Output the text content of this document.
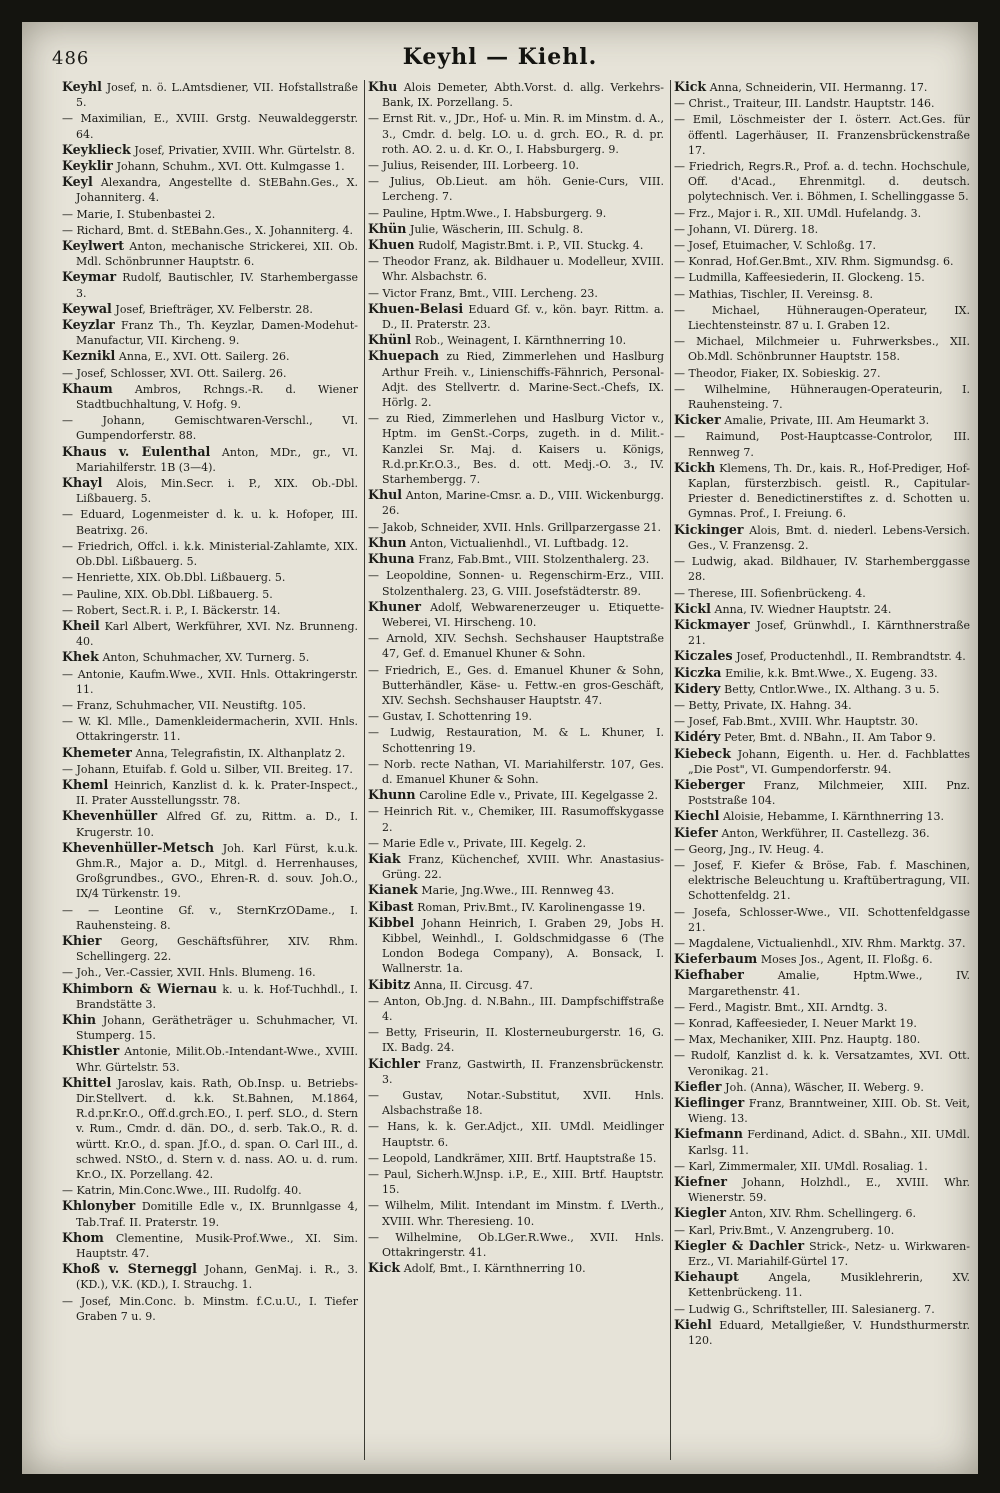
486	Keyhl — Kiehl.
Keyhl Josef, n. ö. L.Amtsdiener, VII. Hofstallstraße 5.
— Maximilian, E., XVIII. Grstg. Neuwaldeggerstr. 64.
Keyklieck Josef, Privatier, XVIII. Whr. Gürtelstr. 8.
Keyklir Johann, Schuhm., XVI. Ott. Kulmgasse 1.
Keyl Alexandra, Angestellte d. StEBahn.Ges., X. Johanniterg. 4.
— Marie, I. Stubenbastei 2.
— Richard, Bmt. d. StEBahn.Ges., X. Johanniterg. 4.
Keylwert Anton, mechanische Strickerei, XII. Ob. Mdl. Schönbrunner Hauptstr. 6.
Keymar Rudolf, Bautischler, IV. Starhembergasse 3.
Keywal Josef, Briefträger, XV. Felberstr. 28.
Keyzlar Franz Th., Th. Keyzlar, Damen-Modehut-Manufactur, VII. Kircheng. 9.
Keznikl Anna, E., XVI. Ott. Sailerg. 26.
— Josef, Schlosser, XVI. Ott. Sailerg. 26.
Khaum Ambros, Rchngs.-R. d. Wiener Stadtbuchhaltung, V. Hofg. 9.
— Johann, Gemischtwaren-Verschl., VI. Gumpendorferstr. 88.
Khaus v. Eulenthal Anton, MDr., gr., VI. Mariahilferstr. 1B (3—4).
Khayl Alois, Min.Secr. i. P., XIX. Ob.-Dbl. Lißbauerg. 5.
— Eduard, Logenmeister d. k. u. k. Hofoper, III. Beatrixg. 26.
— Friedrich, Offcl. i. k.k. Ministerial-Zahlamte, XIX. Ob.Dbl. Lißbauerg. 5.
— Henriette, XIX. Ob.Dbl. Lißbauerg. 5.
— Pauline, XIX. Ob.Dbl. Lißbauerg. 5.
— Robert, Sect.R. i. P., I. Bäckerstr. 14.
Kheil Karl Albert, Werkführer, XVI. Nz. Brunneng. 40.
Khek Anton, Schuhmacher, XV. Turnerg. 5.
— Antonie, Kaufm.Wwe., XVII. Hnls. Ottakringerstr. 11.
— Franz, Schuhmacher, VII. Neustiftg. 105.
— W. Kl. Mlle., Damenkleidermacherin, XVII. Hnls. Ottakringerstr. 11.
Khemeter Anna, Telegrafistin, IX. Althanplatz 2.
— Johann, Etuifab. f. Gold u. Silber, VII. Breiteg. 17.
Kheml Heinrich, Kanzlist d. k. k. Prater-Inspect., II. Prater Ausstellungsstr. 78.
Khevenhüller Alfred Gf. zu, Rittm. a. D., I. Krugerstr. 10.
Khevenhüller-Metsch Joh. Karl Fürst, k.u.k. Ghm.R., Major a. D., Mitgl. d. Herrenhauses, Großgrundbes., GVO., Ehren-R. d. souv. Joh.O., IX/4 Türkenstr. 19.
— — Leontine Gf. v., SternKrzODame., I. Rauhensteing. 8.
Khier Georg, Geschäftsführer, XIV. Rhm. Schellingerg. 22.
— Joh., Ver.-Cassier, XVII. Hnls. Blumeng. 16.
Khimborn & Wiernau k. u. k. Hof-Tuchhdl., I. Brandstätte 3.
Khin Johann, Gerätheträger u. Schuhmacher, VI. Stumperg. 15.
Khistler Antonie, Milit.Ob.-Intendant-Wwe., XVIII. Whr. Gürtelstr. 53.
Khittel Jaroslav, kais. Rath, Ob.Insp. u. Betriebs-Dir.Stellvert. d. k.k. St.Bahnen, M.1864, R.d.pr.Kr.O., Off.d.grch.EO., I. perf. SLO., d. Stern v. Rum., Cmdr. d. dän. DO., d. serb. Tak.O., R. d. württ. Kr.O., d. span. Jf.O., d. span. O. Carl III., d. schwed. NStO., d. Stern v. d. nass. AO. u. d. rum. Kr.O., IX. Porzellang. 42.
— Katrin, Min.Conc.Wwe., III. Rudolfg. 40.
Khlonyber Domitille Edle v., IX. Brunnlgasse 4, Tab.Traf. II. Praterstr. 19.
Khom Clementine, Musik-Prof.Wwe., XI. Sim. Hauptstr. 47.
Khoß v. Sterneggl Johann, GenMaj. i. R., 3. (KD.), V.K. (KD.), I. Strauchg. 1.
— Josef, Min.Conc. b. Minstm. f.C.u.U., I. Tiefer Graben 7 u. 9.
Khu Alois Demeter, Abth.Vorst. d. allg. Verkehrs-Bank, IX. Porzellang. 5.
— Ernst Rit. v., JDr., Hof- u. Min. R. im Minstm. d. A., 3., Cmdr. d. belg. LO. u. d. grch. EO., R. d. pr. roth. AO. 2. u. d. Kr. O., I. Habsburgerg. 9.
— Julius, Reisender, III. Lorbeerg. 10.
— Julius, Ob.Lieut. am höh. Genie-Curs, VIII. Lercheng. 7.
— Pauline, Hptm.Wwe., I. Habsburgerg. 9.
Khün Julie, Wäscherin, III. Schulg. 8.
Khuen Rudolf, Magistr.Bmt. i. P., VII. Stuckg. 4.
— Theodor Franz, ak. Bildhauer u. Modelleur, XVIII. Whr. Alsbachstr. 6.
— Victor Franz, Bmt., VIII. Lercheng. 23.
Khuen-Belasi Eduard Gf. v., kön. bayr. Rittm. a. D., II. Praterstr. 23.
Khünl Rob., Weinagent, I. Kärnthnerring 10.
Khuepach zu Ried, Zimmerlehen und Haslburg Arthur Freih. v., Linienschiffs-Fähnrich, Personal-Adjt. des Stellvertr. d. Marine-Sect.-Chefs, IX. Hörlg. 2.
— zu Ried, Zimmerlehen und Haslburg Victor v., Hptm. im GenSt.-Corps, zugeth. in d. Milit.-Kanzlei Sr. Maj. d. Kaisers u. Königs, R.d.pr.Kr.O.3., Bes. d. ott. Medj.-O. 3., IV. Starhembergg. 7.
Khul Anton, Marine-Cmsr. a. D., VIII. Wickenburgg. 26.
— Jakob, Schneider, XVII. Hnls. Grillparzergasse 21.
Khun Anton, Victualienhdl., VI. Luftbadg. 12.
Khuna Franz, Fab.Bmt., VIII. Stolzenthalerg. 23.
— Leopoldine, Sonnen- u. Regenschirm-Erz., VIII. Stolzenthalerg. 23, G. VIII. Josefstädterstr. 89.
Khuner Adolf, Webwarenerzeuger u. Etiquette-Weberei, VI. Hirscheng. 10.
— Arnold, XIV. Sechsh. Sechshauser Hauptstraße 47, Gef. d. Emanuel Khuner & Sohn.
— Friedrich, E., Ges. d. Emanuel Khuner & Sohn, Butterhändler, Käse- u. Fettw.-en gros-Geschäft, XIV. Sechsh. Sechshauser Hauptstr. 47.
— Gustav, I. Schottenring 19.
— Ludwig, Restauration, M. & L. Khuner, I. Schottenring 19.
— Norb. recte Nathan, VI. Mariahilferstr. 107, Ges. d. Emanuel Khuner & Sohn.
Khunn Caroline Edle v., Private, III. Kegelgasse 2.
— Heinrich Rit. v., Chemiker, III. Rasumoffskygasse 2.
— Marie Edle v., Private, III. Kegelg. 2.
Kiak Franz, Küchenchef, XVIII. Whr. Anastasius-Grüng. 22.
Kianek Marie, Jng.Wwe., III. Rennweg 43.
Kibast Roman, Priv.Bmt., IV. Karolinengasse 19.
Kibbel Johann Heinrich, I. Graben 29, Jobs H. Kibbel, Weinhdl., I. Goldschmidgasse 6 (The London Bodega Company), A. Bonsack, I. Wallnerstr. 1a.
Kibitz Anna, II. Circusg. 47.
— Anton, Ob.Jng. d. N.Bahn., III. Dampfschiffstraße 4.
— Betty, Friseurin, II. Klosterneuburgerstr. 16, G. IX. Badg. 24.
Kichler Franz, Gastwirth, II. Franzensbrückenstr. 3.
— Gustav, Notar.-Substitut, XVII. Hnls. Alsbachstraße 18.
— Hans, k. k. Ger.Adjct., XII. UMdl. Meidlinger Hauptstr. 6.
— Leopold, Landkrämer, XIII. Brtf. Hauptstraße 15.
— Paul, Sicherh.W.Jnsp. i.P., E., XIII. Brtf. Hauptstr. 15.
— Wilhelm, Milit. Intendant im Minstm. f. LVerth., XVIII. Whr. Theresieng. 10.
— Wilhelmine, Ob.LGer.R.Wwe., XVII. Hnls. Ottakringerstr. 41.
Kick Adolf, Bmt., I. Kärnthnerring 10.
Kick Anna, Schneiderin, VII. Hermanng. 17.
— Christ., Traiteur, III. Landstr. Hauptstr. 146.
— Emil, Löschmeister der I. österr. Act.Ges. für öffentl. Lagerhäuser, II. Franzensbrückenstraße 17.
— Friedrich, Regrs.R., Prof. a. d. techn. Hochschule, Off. d'Acad., Ehrenmitgl. d. deutsch. polytechnisch. Ver. i. Böhmen, I. Schellinggasse 5.
— Frz., Major i. R., XII. UMdl. Hufelandg. 3.
— Johann, VI. Dürerg. 18.
— Josef, Etuimacher, V. Schloßg. 17.
— Konrad, Hof.Ger.Bmt., XIV. Rhm. Sigmundsg. 6.
— Ludmilla, Kaffeesiederin, II. Glockeng. 15.
— Mathias, Tischler, II. Vereinsg. 8.
— Michael, Hühneraugen-Operateur, IX. Liechtensteinstr. 87 u. I. Graben 12.
— Michael, Milchmeier u. Fuhrwerksbes., XII. Ob.Mdl. Schönbrunner Hauptstr. 158.
— Theodor, Fiaker, IX. Sobieskig. 27.
— Wilhelmine, Hühneraugen-Operateurin, I. Rauhensteing. 7.
Kicker Amalie, Private, III. Am Heumarkt 3.
— Raimund, Post-Hauptcasse-Controlor, III. Rennweg 7.
Kickh Klemens, Th. Dr., kais. R., Hof-Prediger, Hof-Kaplan, fürsterzbisch. geistl. R., Capitular-Priester d. Benedictinerstiftes z. d. Schotten u. Gymnas. Prof., I. Freiung. 6.
Kickinger Alois, Bmt. d. niederl. Lebens-Versich. Ges., V. Franzensg. 2.
— Ludwig, akad. Bildhauer, IV. Starhemberggasse 28.
— Therese, III. Sofienbrückeng. 4.
Kickl Anna, IV. Wiedner Hauptstr. 24.
Kickmayer Josef, Grünwhdl., I. Kärnthnerstraße 21.
Kiczales Josef, Productenhdl., II. Rembrandtstr. 4.
Kiczka Emilie, k.k. Bmt.Wwe., X. Eugeng. 33.
Kidery Betty, Cntlor.Wwe., IX. Althang. 3 u. 5.
— Betty, Private, IX. Hahng. 34.
— Josef, Fab.Bmt., XVIII. Whr. Hauptstr. 30.
Kidéry Peter, Bmt. d. NBahn., II. Am Tabor 9.
Kiebeck Johann, Eigenth. u. Her. d. Fachblattes „Die Post", VI. Gumpendorferstr. 94.
Kieberger Franz, Milchmeier, XIII. Pnz. Poststraße 104.
Kiechl Aloisie, Hebamme, I. Kärnthnerring 13.
Kiefer Anton, Werkführer, II. Castellezg. 36.
— Georg, Jng., IV. Heug. 4.
— Josef, F. Kiefer & Bröse, Fab. f. Maschinen, elektrische Beleuchtung u. Kraftübertragung, VII. Schottenfeldg. 21.
— Josefa, Schlosser-Wwe., VII. Schottenfeldgasse 21.
— Magdalene, Victualienhdl., XIV. Rhm. Marktg. 37.
Kieferbaum Moses Jos., Agent, II. Floßg. 6.
Kiefhaber	Amalie, Hptm.Wwe., IV. Margarethenstr. 41.
— Ferd., Magistr. Bmt., XII. Arndtg. 3.
— Konrad, Kaffeesieder, I. Neuer Markt 19.
— Max, Mechaniker, XIII. Pnz. Hauptg. 180.
— Rudolf, Kanzlist d. k. k. Versatzamtes, XVI. Ott. Veronikag. 21.
Kiefler Joh. (Anna), Wäscher, II. Weberg. 9.
Kieflinger Franz, Branntweiner, XIII. Ob. St. Veit, Wieng. 13.
Kiefmann Ferdinand, Adict. d. SBahn., XII. UMdl. Karlsg. 11.
— Karl, Zimmermaler, XII. UMdl. Rosaliag. 1.
Kiefner Johann, Holzhdl., E., XVIII. Whr. Wienerstr. 59.
Kiegler Anton, XIV. Rhm. Schellingerg. 6.
— Karl, Priv.Bmt., V. Anzengruberg. 10.
Kiegler & Dachler Strick-, Netz- u. Wirkwaren-Erz., VI. Mariahilf-Gürtel 17.
Kiehaupt	Angela, Musiklehrerin, XV. Kettenbrückeng. 11.
— Ludwig G., Schriftsteller, III. Salesianerg. 7.
Kiehl Eduard, Metallgießer, V. Hundsthurmerstr. 120.
